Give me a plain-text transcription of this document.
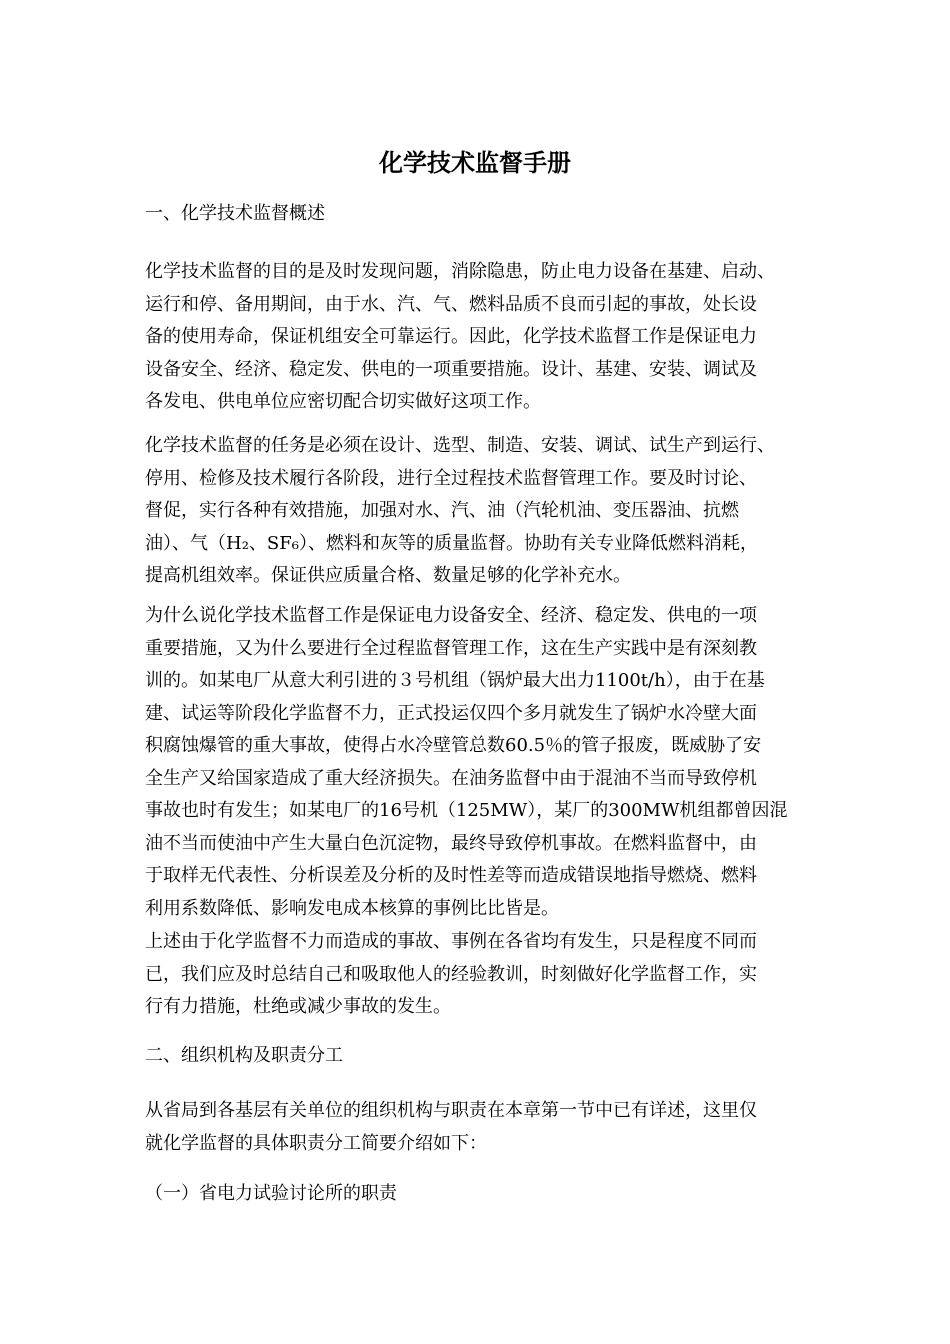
化学技术监督手册

一、化学技术监督概述

化学技术监督的目的是及时发现问题，消除隐患，防止电力设备在基建、启动、
运行和停、备用期间，由于水、汽、气、燃料品质不良而引起的事故，处长设
备的使用寿命，保证机组安全可靠运行。因此，化学技术监督工作是保证电力
设备安全、经济、稳定发、供电的一项重要措施。设计、基建、安装、调试及
各发电、供电单位应密切配合切实做好这项工作。
化学技术监督的任务是必须在设计、选型、制造、安装、调试、试生产到运行、
停用、检修及技术履行各阶段，进行全过程技术监督管理工作。要及时讨论、
督促，实行各种有效措施，加强对水、汽、油（汽轮机油、变压器油、抗燃
油）、气（H₂、SF₆）、燃料和灰等的质量监督。协助有关专业降低燃料消耗，
提高机组效率。保证供应质量合格、数量足够的化学补充水。
为什么说化学技术监督工作是保证电力设备安全、经济、稳定发、供电的一项
重要措施，又为什么要进行全过程监督管理工作，这在生产实践中是有深刻教
训的。如某电厂从意大利引进的３号机组（锅炉最大出力1100t/h），由于在基
建、试运等阶段化学监督不力，正式投运仅四个多月就发生了锅炉水冷壁大面
积腐蚀爆管的重大事故，使得占水冷壁管总数60.5％的管子报废，既威胁了安
全生产又给国家造成了重大经济损失。在油务监督中由于混油不当而导致停机
事故也时有发生；如某电厂的16号机（125MW），某厂的300MW机组都曾因混
油不当而使油中产生大量白色沉淀物，最终导致停机事故。在燃料监督中，由
于取样无代表性、分析误差及分析的及时性差等而造成错误地指导燃烧、燃料
利用系数降低、影响发电成本核算的事例比比皆是。
上述由于化学监督不力而造成的事故、事例在各省均有发生，只是程度不同而
已，我们应及时总结自己和吸取他人的经验教训，时刻做好化学监督工作，实
行有力措施，杜绝或减少事故的发生。

二、组织机构及职责分工

从省局到各基层有关单位的组织机构与职责在本章第一节中已有详述，这里仅
就化学监督的具体职责分工简要介绍如下：

（一）省电力试验讨论所的职责
